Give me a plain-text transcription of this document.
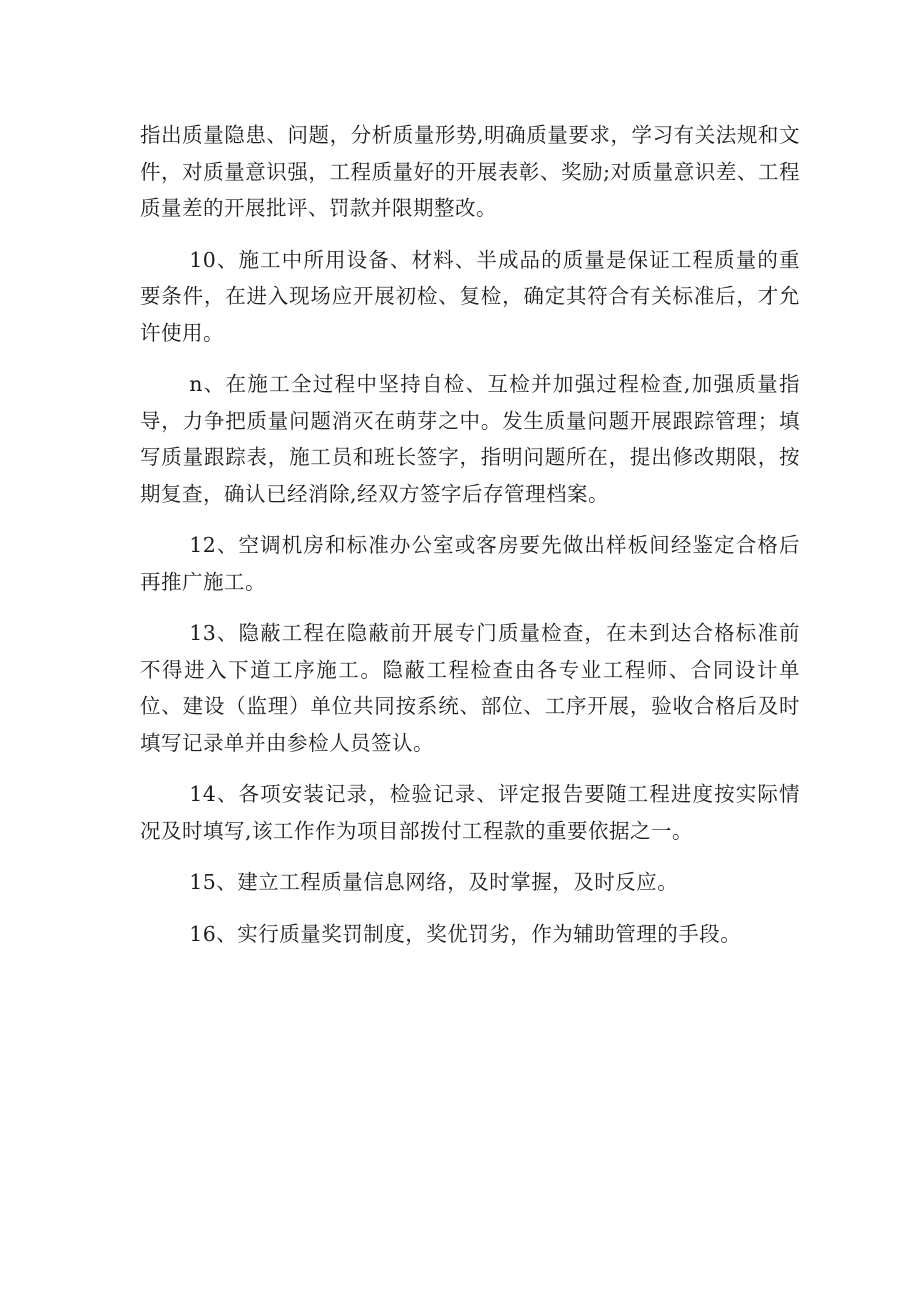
指出质量隐患、问题，分析质量形势,明确质量要求，学习有关法规和文件，对质量意识强，工程质量好的开展表彰、奖励;对质量意识差、工程质量差的开展批评、罚款并限期整改。

10、施工中所用设备、材料、半成品的质量是保证工程质量的重要条件，在进入现场应开展初检、复检，确定其符合有关标准后，才允许使用。

n、在施工全过程中坚持自检、互检并加强过程检查,加强质量指导，力争把质量问题消灭在萌芽之中。发生质量问题开展跟踪管理；填写质量跟踪表，施工员和班长签字，指明问题所在，提出修改期限，按期复查，确认已经消除,经双方签字后存管理档案。

12、空调机房和标准办公室或客房要先做出样板间经鉴定合格后再推广施工。

13、隐蔽工程在隐蔽前开展专门质量检查，在未到达合格标准前不得进入下道工序施工。隐蔽工程检查由各专业工程师、合同设计单位、建设（监理）单位共同按系统、部位、工序开展，验收合格后及时填写记录单并由参检人员签认。

14、各项安装记录，检验记录、评定报告要随工程进度按实际情况及时填写,该工作作为项目部拨付工程款的重要依据之一。

15、建立工程质量信息网络，及时掌握，及时反应。

16、实行质量奖罚制度，奖优罚劣，作为辅助管理的手段。
